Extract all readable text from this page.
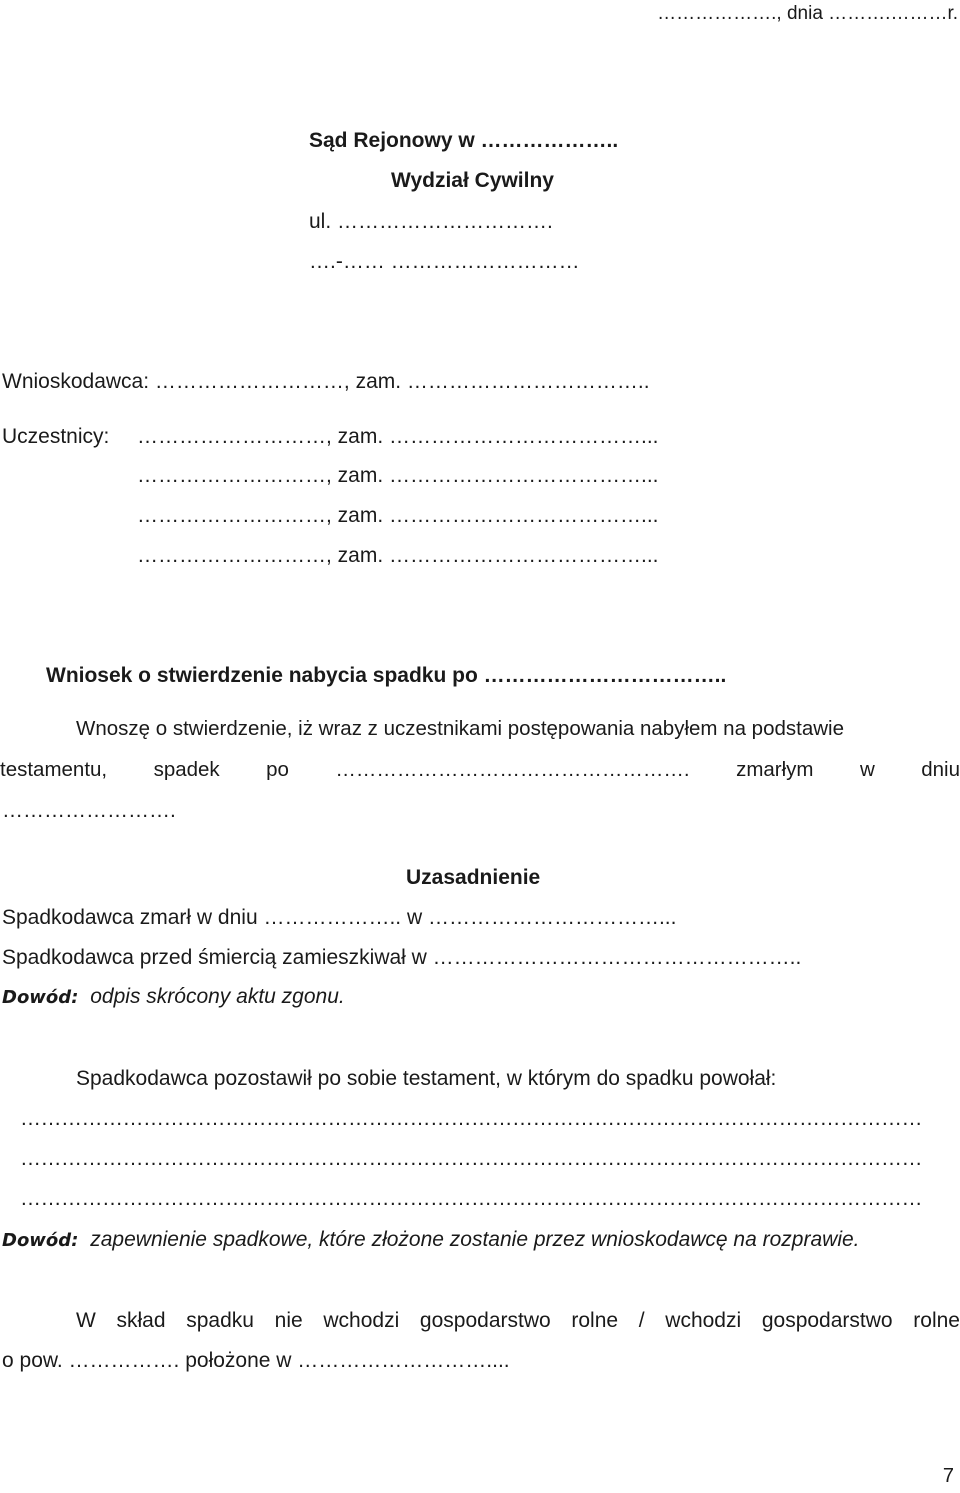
………………., dnia ……….………r.
Sąd Rejonowy w ………………..
Wydział Cywilny
ul. ………………………….
….-…… ………………………
Wnioskodawca: ………………………, zam. ……………………………..
Uczestnicy: ………………………, zam. ………………………………...
………………………, zam. ………………………………...
………………………, zam. ………………………………...
………………………, zam. ………………………………...
Wniosek o stwierdzenie nabycia spadku po ……………………………..
Wnoszę o stwierdzenie, iż wraz z uczestnikami postępowania nabyłem na podstawie
testamentu, spadek po ……………………………………………. zmarłym w dniu
…………………….
Uzasadnienie
Spadkodawca zmarł w dniu ……………….. w ……………………………...
Spadkodawca przed śmiercią zamieszkiwał w ……………………………………………..
Dowód: odpis skrócony aktu zgonu.
Spadkodawca pozostawił po sobie testament, w którym do spadku powołał:
……………………………………………………………………………………………………………………
……………………………………………………………………………………………………………………
……………………………………………………………………………………………………………………
Dowód: zapewnienie spadkowe, które złożone zostanie przez wnioskodawcę na rozprawie.
W skład spadku nie wchodzi gospodarstwo rolne / wchodzi gospodarstwo rolne
o pow. ……………. położone w ………………………....
7
